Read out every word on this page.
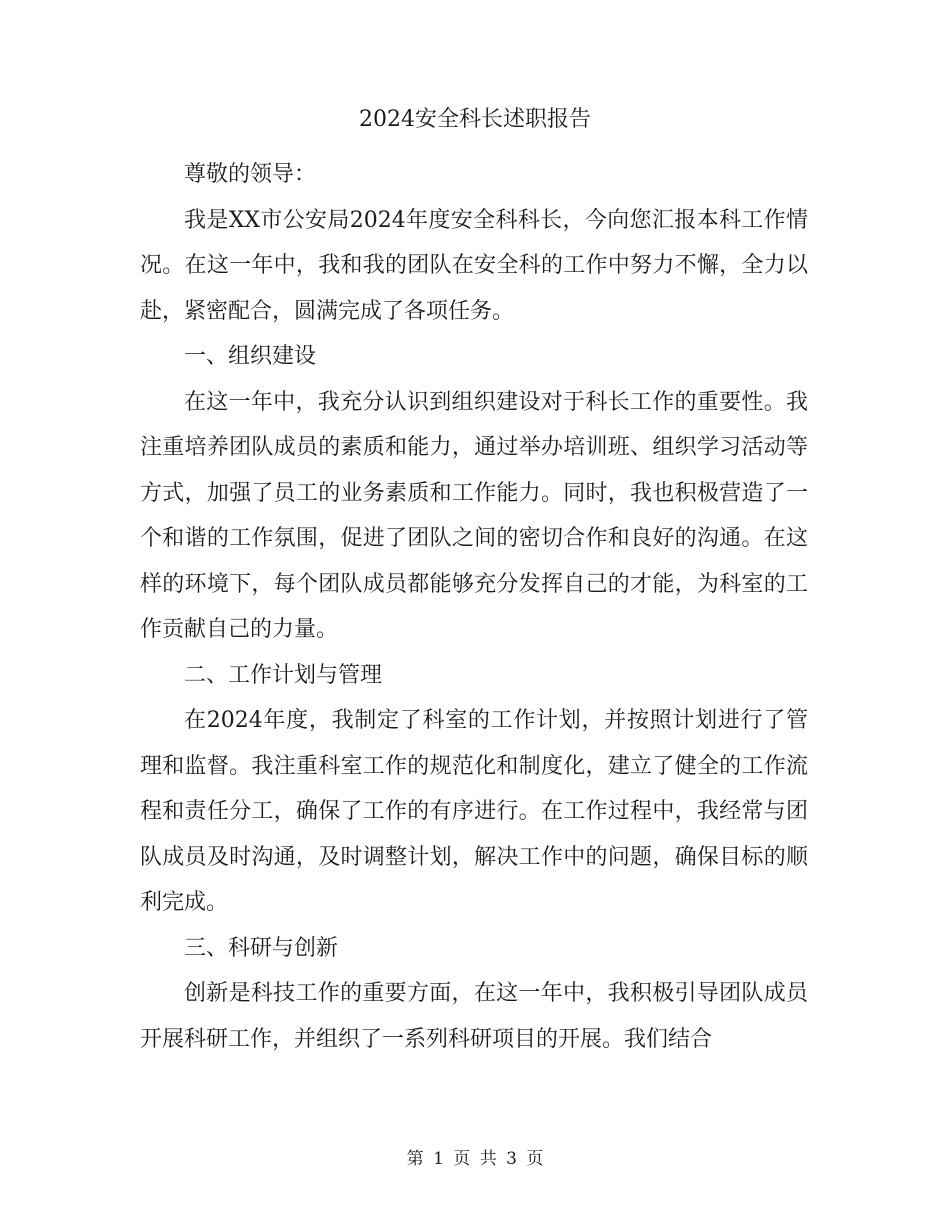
2024安全科长述职报告

尊敬的领导：

我是XX市公安局2024年度安全科科长，今向您汇报本科工作情况。在这一年中，我和我的团队在安全科的工作中努力不懈，全力以赴，紧密配合，圆满完成了各项任务。

一、组织建设

在这一年中，我充分认识到组织建设对于科长工作的重要性。我注重培养团队成员的素质和能力，通过举办培训班、组织学习活动等方式，加强了员工的业务素质和工作能力。同时，我也积极营造了一个和谐的工作氛围，促进了团队之间的密切合作和良好的沟通。在这样的环境下，每个团队成员都能够充分发挥自己的才能，为科室的工作贡献自己的力量。

二、工作计划与管理

在2024年度，我制定了科室的工作计划，并按照计划进行了管理和监督。我注重科室工作的规范化和制度化，建立了健全的工作流程和责任分工，确保了工作的有序进行。在工作过程中，我经常与团队成员及时沟通，及时调整计划，解决工作中的问题，确保目标的顺利完成。

三、科研与创新

创新是科技工作的重要方面，在这一年中，我积极引导团队成员开展科研工作，并组织了一系列科研项目的开展。我们结合

第 1 页 共 3 页
